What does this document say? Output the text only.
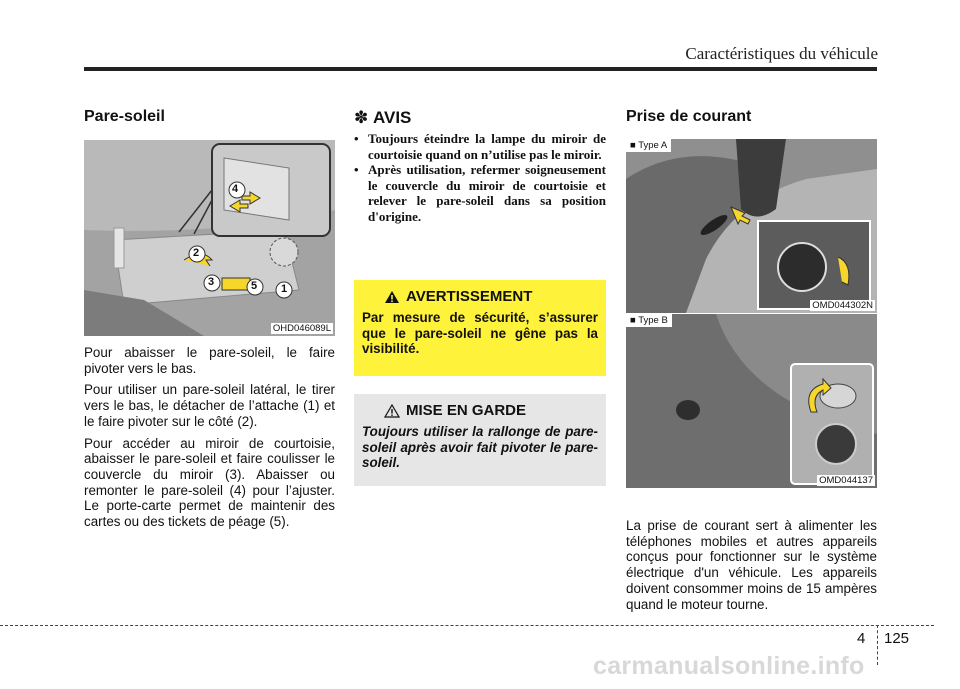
Caractéristiques du véhicule
Pare-soleil
4
2
3	5 1
OHD046089L

Pour abaisser le pare-soleil, le faire pivoter vers le bas.

Pour utiliser un pare-soleil latéral, le tirer vers le bas, le détacher de l’attache (1) et le faire pivoter sur le côté (2).

Pour accéder au miroir de courtoisie, abaisser le pare-soleil et faire coulisser le couvercle du miroir (3). Abaisser ou remonter le pare-soleil (4) pour l’ajuster. Le porte-carte permet de maintenir des cartes ou des tickets de péage (5).

✽ AVIS
• Toujours éteindre la lampe du miroir de courtoisie quand on n’utilise pas le miroir.
• Après utilisation, refermer soigneusement le couvercle du miroir de courtoisie et relever le pare-soleil dans sa position d'origine.
AVERTISSEMENT

Par mesure de sécurité, s’assurer que le pare-soleil ne gêne pas la visibilité.

MISE EN GARDE

Toujours utiliser la rallonge de pare-soleil après avoir fait pivoter le pare-soleil.

Prise de courant
■ Type A
OMD044302N
■ Type B
OMD044137

La prise de courant sert à alimenter les téléphones mobiles et autres appareils conçus pour fonctionner sur le système électrique d'un véhicule. Les appareils doivent consommer moins de 15 ampères quand le moteur tourne.

4 125
carmanualsonline.info
